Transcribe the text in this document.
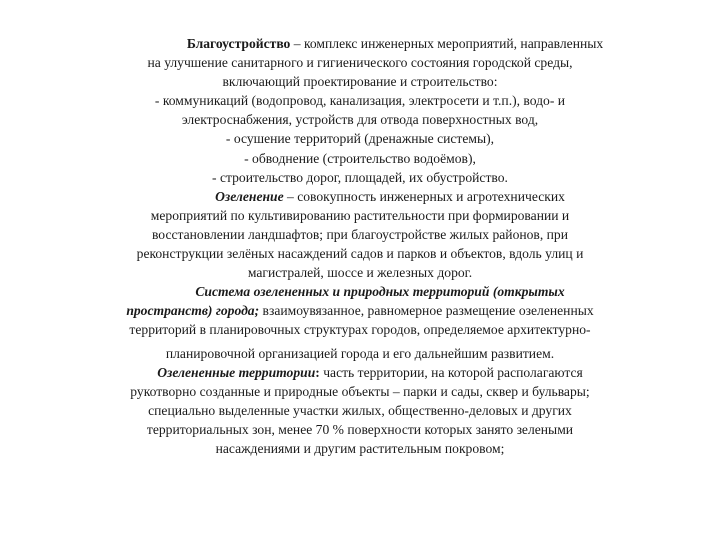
Благоустройство – комплекс инженерных мероприятий, направленных
на улучшение санитарного и гигиенического состояния городской среды,
включающий проектирование и строительство:
- коммуникаций (водопровод, канализация, электросети и т.п.), водо- и
электроснабжения, устройств для отвода поверхностных вод,
- осушение территорий (дренажные системы),
- обводнение (строительство водоёмов),
- строительство дорог, площадей, их обустройство.
Озеленение – совокупность инженерных и агротехнических
мероприятий по культивированию растительности при формировании и
восстановлении ландшафтов; при благоустройстве жилых районов, при
реконструкции зелёных насаждений садов и парков и объектов, вдоль улиц и
магистралей, шоссе и железных дорог.
Система озелененных и природных территорий (открытых
пространств) города; взаимоувязанное, равномерное размещение озелененных
территорий в планировочных структурах городов, определяемое архитектурно-
планировочной организацией города и его дальнейшим развитием.
Озелененные территории: часть территории, на которой располагаются
рукотворно созданные и природные объекты – парки и сады, сквер и бульвары;
специально выделенные участки жилых, общественно-деловых и других
территориальных зон, менее 70 % поверхности которых занято зелеными
насаждениями и другим растительным покровом;
